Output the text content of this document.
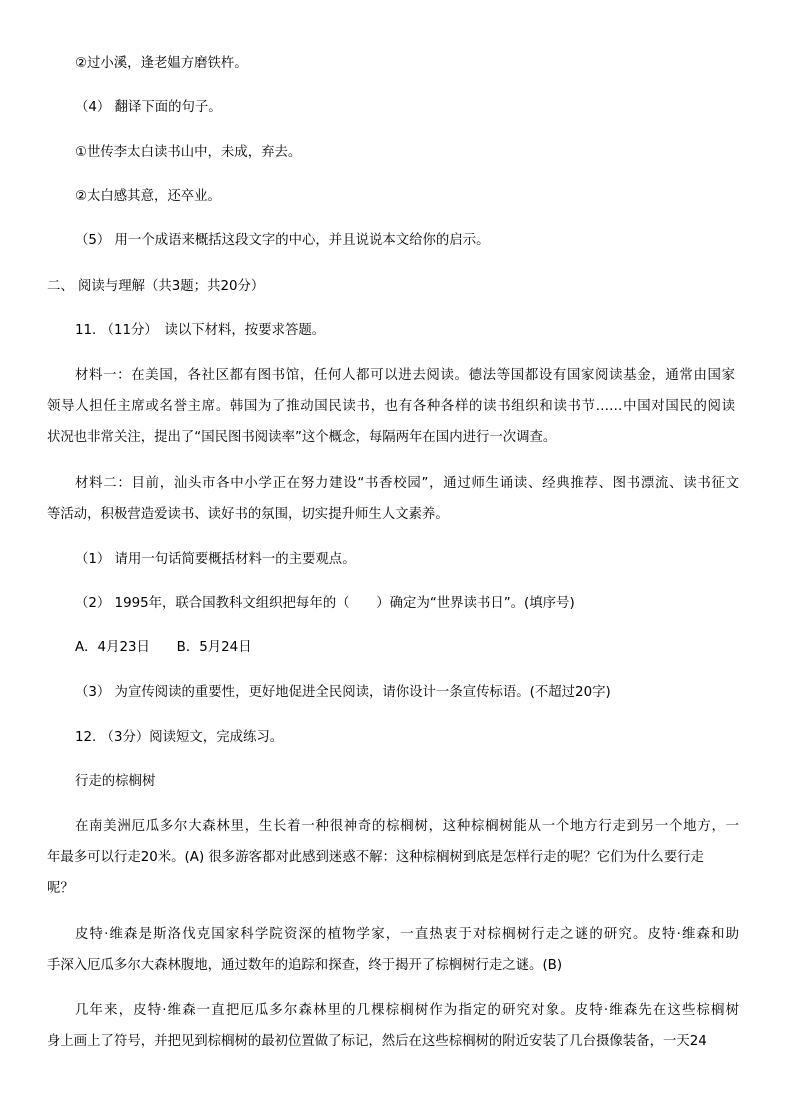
②过小溪，逢老媪方磨铁杵。

（4） 翻译下面的句子。

①世传李太白读书山中，未成，弃去。

②太白感其意，还卒业。

（5） 用一个成语来概括这段文字的中心，并且说说本文给你的启示。

二、 阅读与理解（共3题；共20分）

11. （11分）　读以下材料，按要求答题。

材料一：在美国，各社区都有图书馆，任何人都可以进去阅读。德法等国都设有国家阅读基金，通常由国家

领导人担任主席或名誉主席。韩国为了推动国民读书，也有各种各样的读书组织和读书节……中国对国民的阅读

状况也非常关注，提出了“国民图书阅读率”这个概念，每隔两年在国内进行一次调查。

材料二：目前，汕头市各中小学正在努力建设“书香校园”，通过师生诵读、经典推荐、图书漂流、读书征文

等活动，积极营造爱读书、读好书的氛围，切实提升师生人文素养。

（1） 请用一句话简要概括材料一的主要观点。

（2） 1995年，联合国教科文组织把每年的（　　）确定为“世界读书日”。(填序号)

A．4月23日　　B．5月24日

（3） 为宣传阅读的重要性，更好地促进全民阅读，请你设计一条宣传标语。(不超过20字)

12. （3分）阅读短文，完成练习。

行走的棕榈树

在南美洲厄瓜多尔大森林里，生长着一种很神奇的棕榈树，这种棕榈树能从一个地方行走到另一个地方，一

年最多可以行走20米。(A) 很多游客都对此感到迷惑不解：这种棕榈树到底是怎样行走的呢？它们为什么要行走

呢？

皮特·维森是斯洛伐克国家科学院资深的植物学家，一直热衷于对棕榈树行走之谜的研究。皮特·维森和助

手深入厄瓜多尔大森林腹地，通过数年的追踪和探查，终于揭开了棕榈树行走之谜。(B)

几年来，皮特·维森一直把厄瓜多尔森林里的几棵棕榈树作为指定的研究对象。皮特·维森先在这些棕榈树

身上画上了符号，并把见到棕榈树的最初位置做了标记，然后在这些棕榈树的附近安装了几台摄像装备，一天24
